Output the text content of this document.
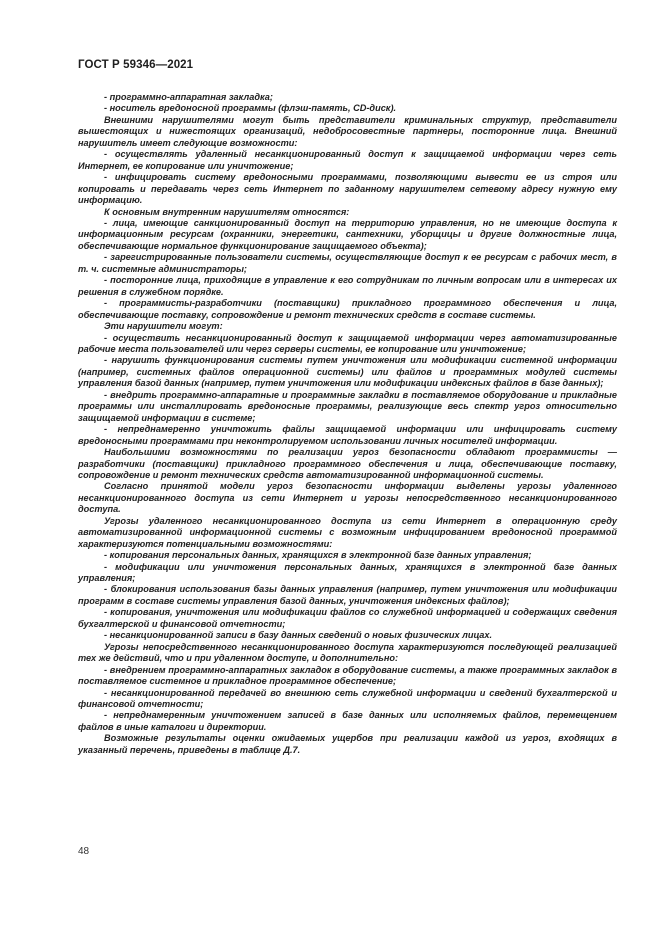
ГОСТ Р 59346—2021

- программно-аппаратная закладка;

- носитель вредоносной программы (флэш-память, CD-диск).

Внешними нарушителями могут быть представители криминальных структур, представители вышестоящих и нижестоящих организаций, недобросовестные партнеры, посторонние лица. Внешний нарушитель имеет следующие возможности:

- осуществлять удаленный несанкционированный доступ к защищаемой информации через сеть Интернет, ее копирование или уничтожение;

- инфицировать систему вредоносными программами, позволяющими вывести ее из строя или копировать и передавать через сеть Интернет по заданному нарушителем сетевому адресу нужную ему информацию.

К основным внутренним нарушителям относятся:

- лица, имеющие санкционированный доступ на территорию управления, но не имеющие доступа к информационным ресурсам (охранники, энергетики, сантехники, уборщицы и другие должностные лица, обеспечивающие нормальное функционирование защищаемого объекта);

- зарегистрированные пользователи системы, осуществляющие доступ к ее ресурсам с рабочих мест, в т. ч. системные администраторы;

- посторонние лица, приходящие в управление к его сотрудникам по личным вопросам или в интересах их решения в служебном порядке.

- программисты-разработчики (поставщики) прикладного программного обеспечения и лица, обеспечивающие поставку, сопровождение и ремонт технических средств в составе системы.

Эти нарушители могут:

- осуществить несанкционированный доступ к защищаемой информации через автоматизированные рабочие места пользователей или через серверы системы, ее копирование или уничтожение;

- нарушить функционирования системы путем уничтожения или модификации системной информации (например, системных файлов операционной системы) или файлов и программных модулей системы управления базой данных (например, путем уничтожения или модификации индексных файлов в базе данных);

- внедрить программно-аппаратные и программные закладки в поставляемое оборудование и прикладные программы или инсталлировать вредоносные программы, реализующие весь спектр угроз относительно защищаемой информации в системе;

- непреднамеренно уничтожить файлы защищаемой информации или инфицировать систему вредоносными программами при неконтролируемом использовании личных носителей информации.

Наибольшими возможностями по реализации угроз безопасности обладают программисты — разработчики (поставщики) прикладного программного обеспечения и лица, обеспечивающие поставку, сопровождение и ремонт технических средств автоматизированной информационной системы.

Согласно принятой модели угроз безопасности информации выделены угрозы удаленного несанкционированного доступа из сети Интернет и угрозы непосредственного несанкционированного доступа.

Угрозы удаленного несанкционированного доступа из сети Интернет в операционную среду автоматизированной информационной системы с возможным инфицированием вредоносной программой характеризуются потенциальными возможностями:

- копирования персональных данных, хранящихся в электронной базе данных управления;

- модификации или уничтожения персональных данных, хранящихся в электронной базе данных управления;

- блокирования использования базы данных управления (например, путем уничтожения или модификации программ в составе системы управления базой данных, уничтожения индексных файлов);

- копирования, уничтожения или модификации файлов со служебной информацией и содержащих сведения бухгалтерской и финансовой отчетности;

- несанкционированной записи в базу данных сведений о новых физических лицах.

Угрозы непосредственного несанкционированного доступа характеризуются последующей реализацией тех же действий, что и при удаленном доступе, и дополнительно:

- внедрением программно-аппаратных закладок в оборудование системы, а также программных закладок в поставляемое системное и прикладное программное обеспечение;

- несанкционированной передачей во внешнюю сеть служебной информации и сведений бухгалтерской и финансовой отчетности;

- непреднамеренным уничтожением записей в базе данных или исполняемых файлов, перемещением файлов в иные каталоги и директории.

Возможные результаты оценки ожидаемых ущербов при реализации каждой из угроз, входящих в указанный перечень, приведены в таблице Д.7.

48
